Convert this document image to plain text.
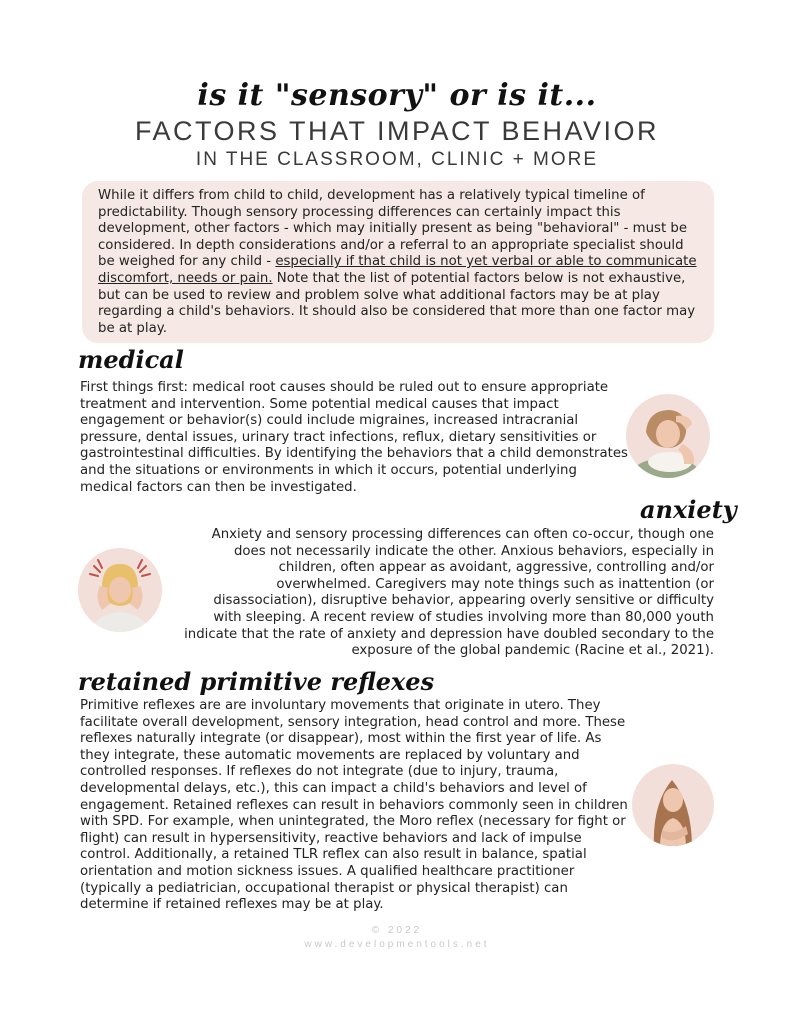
is it "sensory" or is it...
FACTORS THAT IMPACT BEHAVIOR
IN THE CLASSROOM, CLINIC + MORE
While it differs from child to child, development has a relatively typical timeline of predictability. Though sensory processing differences can certainly impact this development, other factors - which may initially present as being "behavioral" - must be considered. In depth considerations and/or a referral to an appropriate specialist should be weighed for any child - especially if that child is not yet verbal or able to communicate discomfort, needs or pain. Note that the list of potential factors below is not exhaustive, but can be used to review and problem solve what additional factors may be at play regarding a child's behaviors. It should also be considered that more than one factor may be at play.
medical
First things first: medical root causes should be ruled out to ensure appropriate treatment and intervention. Some potential medical causes that impact engagement or behavior(s) could include migraines, increased intracranial pressure, dental issues, urinary tract infections, reflux, dietary sensitivities or gastrointestinal difficulties. By identifying the behaviors that a child demonstrates and the situations or environments in which it occurs, potential underlying medical factors can then be investigated.
anxiety
Anxiety and sensory processing differences can often co-occur, though one does not necessarily indicate the other. Anxious behaviors, especially in children, often appear as avoidant, aggressive, controlling and/or overwhelmed. Caregivers may note things such as inattention (or disassociation), disruptive behavior, appearing overly sensitive or difficulty with sleeping. A recent review of studies involving more than 80,000 youth indicate that the rate of anxiety and depression have doubled secondary to the exposure of the global pandemic (Racine et al., 2021).
retained primitive reflexes
Primitive reflexes are are involuntary movements that originate in utero. They facilitate overall development, sensory integration, head control and more. These reflexes naturally integrate (or disappear), most within the first year of life. As they integrate, these automatic movements are replaced by voluntary and controlled responses. If reflexes do not integrate (due to injury, trauma, developmental delays, etc.), this can impact a child's behaviors and level of engagement. Retained reflexes can result in behaviors commonly seen in children with SPD. For example, when unintegrated, the Moro reflex (necessary for fight or flight) can result in hypersensitivity, reactive behaviors and lack of impulse control. Additionally, a retained TLR reflex can also result in balance, spatial orientation and motion sickness issues. A qualified healthcare practitioner (typically a pediatrician, occupational therapist or physical therapist) can determine if retained reflexes may be at play.
© 2022
www.developmentools.net
